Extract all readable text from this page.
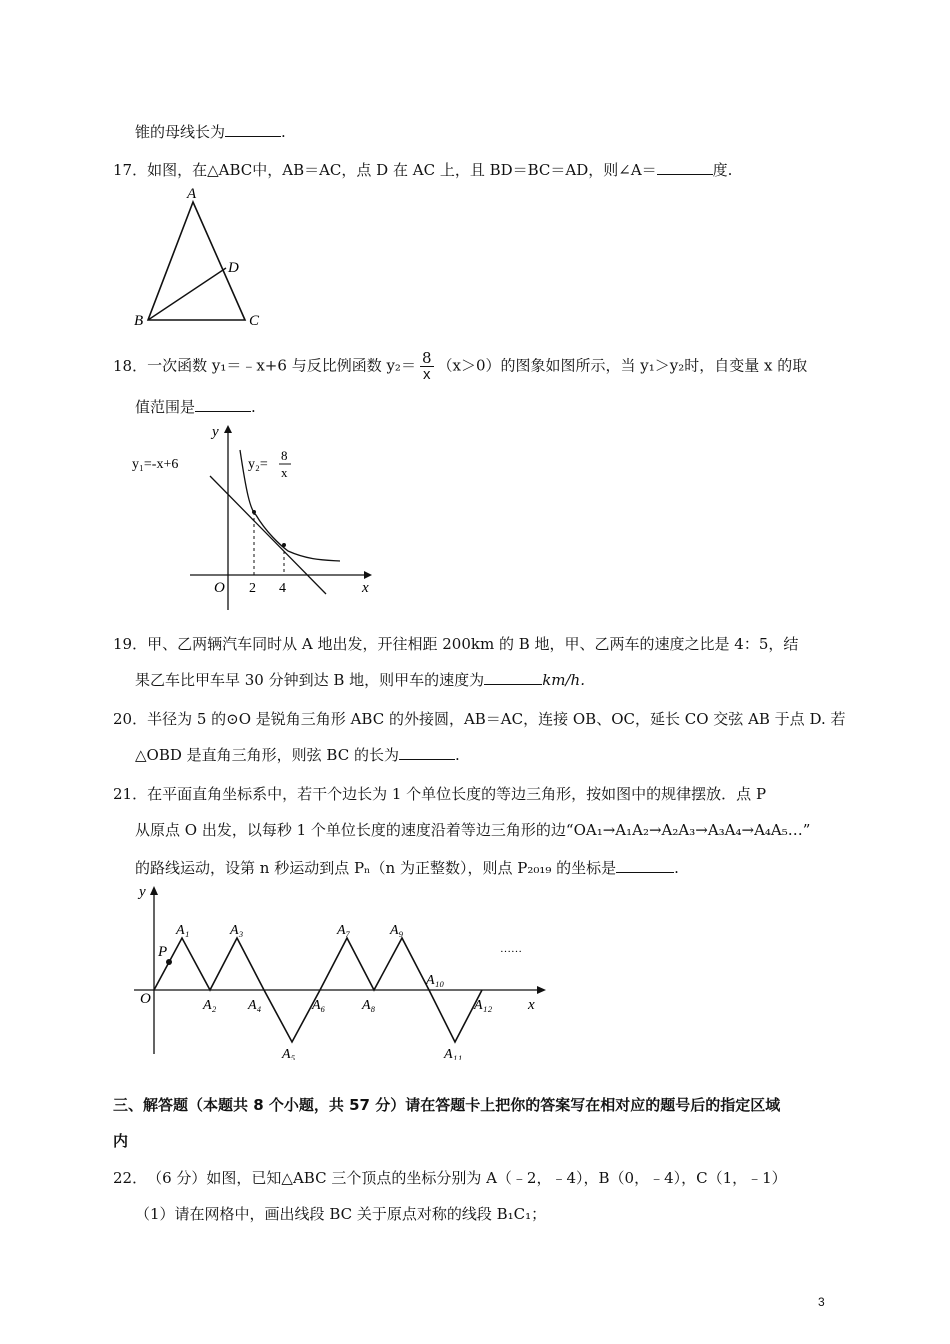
锥的母线长为	.
17．如图，在△ABC中，AB＝AC，点 D 在 AC 上，且 BD＝BC＝AD，则∠A＝	度.
A
B	C
D
18．一次函数 y₁＝﹣x+6 与反比例函数 $y_2= \frac{8}{x} (x>0)$的图象如图所示，当 y₁＞y₂时，自变量 x 的取
值范围是	.
y₁=-x+6	y₂=
8
x
y
x
O 2 4
19．甲、乙两辆汽车同时从 A 地出发，开往相距 200km 的 B 地，甲、乙两车的速度之比是 4：5，结
果乙车比甲车早 30 分钟到达 B 地，则甲车的速度为	km/h.
20．半径为 5 的⊙O 是锐角三角形 ABC 的外接圆，AB＝AC，连接 OB、OC，延长 CO 交弦 AB 于点 D. 若
△OBD 是直角三角形，则弦 BC 的长为	.
21．在平面直角坐标系中，若干个边长为 1 个单位长度的等边三角形，按如图中的规律摆放．点 P
从原点 O 出发，以每秒 1 个单位长度的速度沿着等边三角形的边“OA₁→A₁A₂→A₂A₃→A₃A₄→A₄A₅…”
的路线运动，设第 n 秒运动到点 Pₙ（n 为正整数），则点 P₂₀₁₉ 的坐标是	.
y
x
O
P
A₁
A₂
A₃
A₄
A₅
A₆
A₇
A₈
A₉
A₁₀
A₁₁
A₁₂
……
三、解答题（本题共 8 个小题，共 57 分）请在答题卡上把你的答案写在相对应的题号后的指定区域
内
22．（6 分）如图，已知△ABC 三个顶点的坐标分别为 A（﹣2，﹣4），B（0，﹣4），C（1，﹣1）
（1）请在网格中，画出线段 BC 关于原点对称的线段 B₁C₁；
3
